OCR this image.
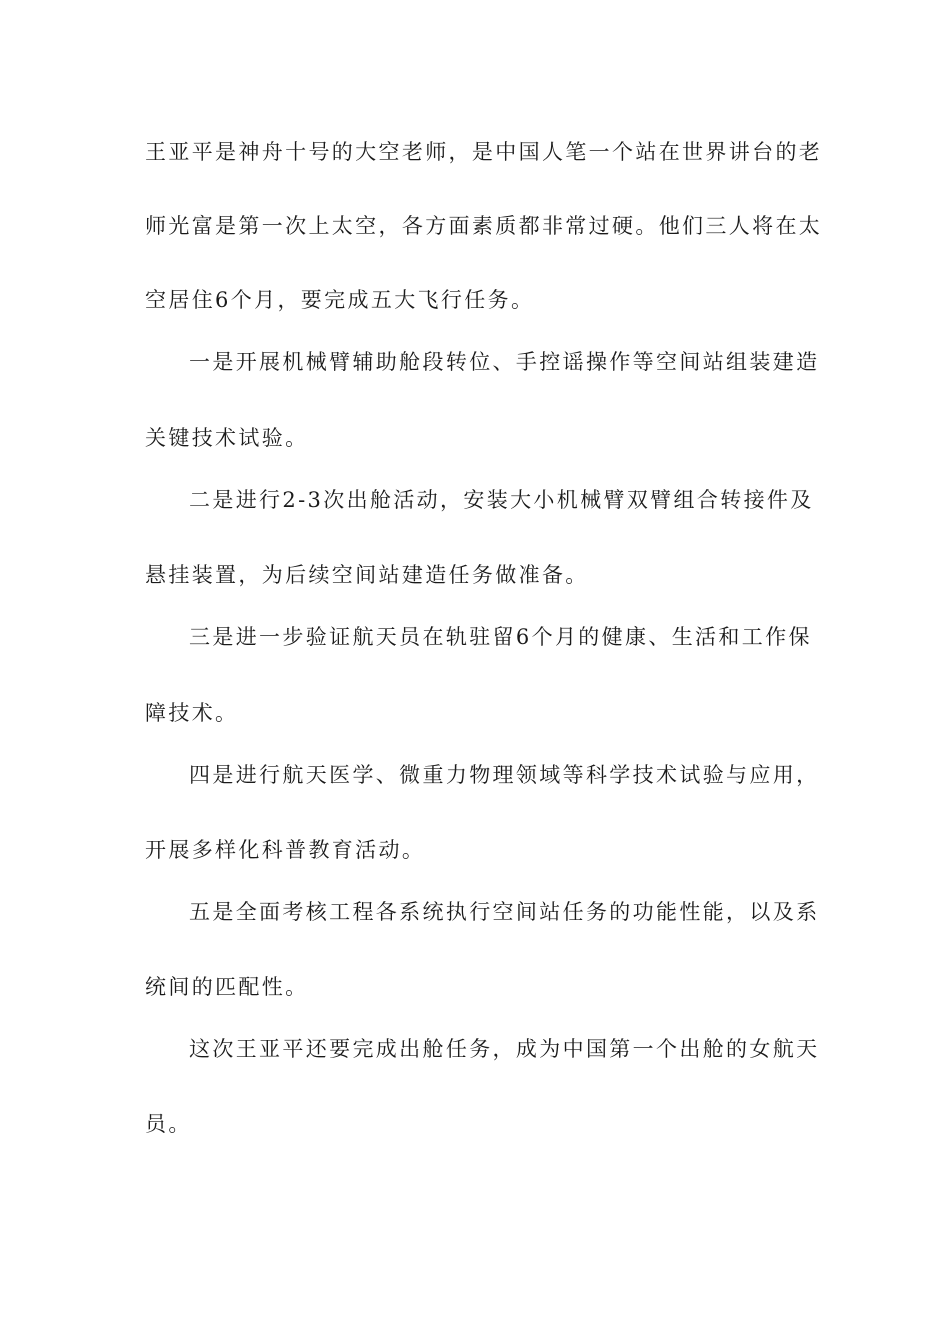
王亚平是神舟十号的大空老师，是中国人笔一个站在世界讲台的老
师光富是第一次上太空，各方面素质都非常过硬。他们三人将在太
空居住6个月，要完成五大飞行任务。
一是开展机械臂辅助舱段转位、手控谣操作等空间站组装建造
关键技术试验。
二是进行2-3次出舱活动，安装大小机械臂双臂组合转接件及
悬挂装置，为后续空间站建造任务做准备。
三是进一步验证航天员在轨驻留6个月的健康、生活和工作保
障技术。
四是进行航天医学、微重力物理领域等科学技术试验与应用，
开展多样化科普教育活动。
五是全面考核工程各系统执行空间站任务的功能性能，以及系
统间的匹配性。
这次王亚平还要完成出舱任务，成为中国第一个出舱的女航天
员。
